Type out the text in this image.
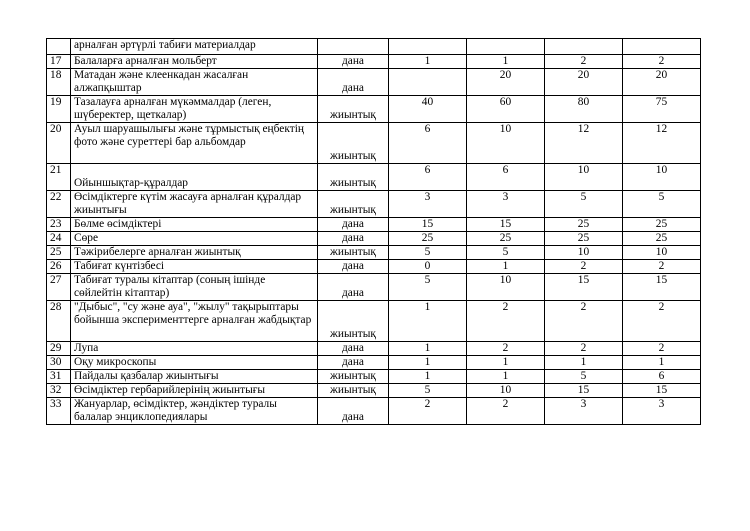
	арналған әртүрлі табиғи материалдар					
17	Балаларға арналған мольберт	дана	1	1	2	2
18	Матадан және клеенкадан жасалған алжапқыштар	дана		20	20	20
19	Тазалауға арналған мүкәммалдар (леген, шүберектер, щеткалар)	жиынтық	40	60	80	75
20	Ауыл шаруашылығы және тұрмыстық еңбектің фото және суреттері бар альбомдар	жиынтық	6	10	12	12
21	Ойыншықтар-құралдар	жиынтық	6	6	10	10
22	Өсімдіктерге күтім жасауға арналған құралдар жиынтығы	жиынтық	3	3	5	5
23	Бөлме өсімдіктері	дана	15	15	25	25
24	Сөре	дана	25	25	25	25
25	Тәжірибелерге арналған жиынтық	жиынтық	5	5	10	10
26	Табиғат күнтізбесі	дана	0	1	2	2
27	Табиғат туралы кітаптар (соның ішінде сөйлейтін кітаптар)	дана	5	10	15	15
28	"Дыбыс", "су және ауа", "жылу" тақырыптары бойынша эксперименттерге арналған жабдықтар	жиынтық	1	2	2	2
29	Лупа	дана	1	2	2	2
30	Оқу микроскопы	дана	1	1	1	1
31	Пайдалы қазбалар жиынтығы	жиынтық	1	1	5	6
32	Өсімдіктер гербарийлерінің жиынтығы	жиынтық	5	10	15	15
33	Жануарлар, өсімдіктер, жәндіктер туралы балалар энциклопедиялары	дана	2	2	3	3
